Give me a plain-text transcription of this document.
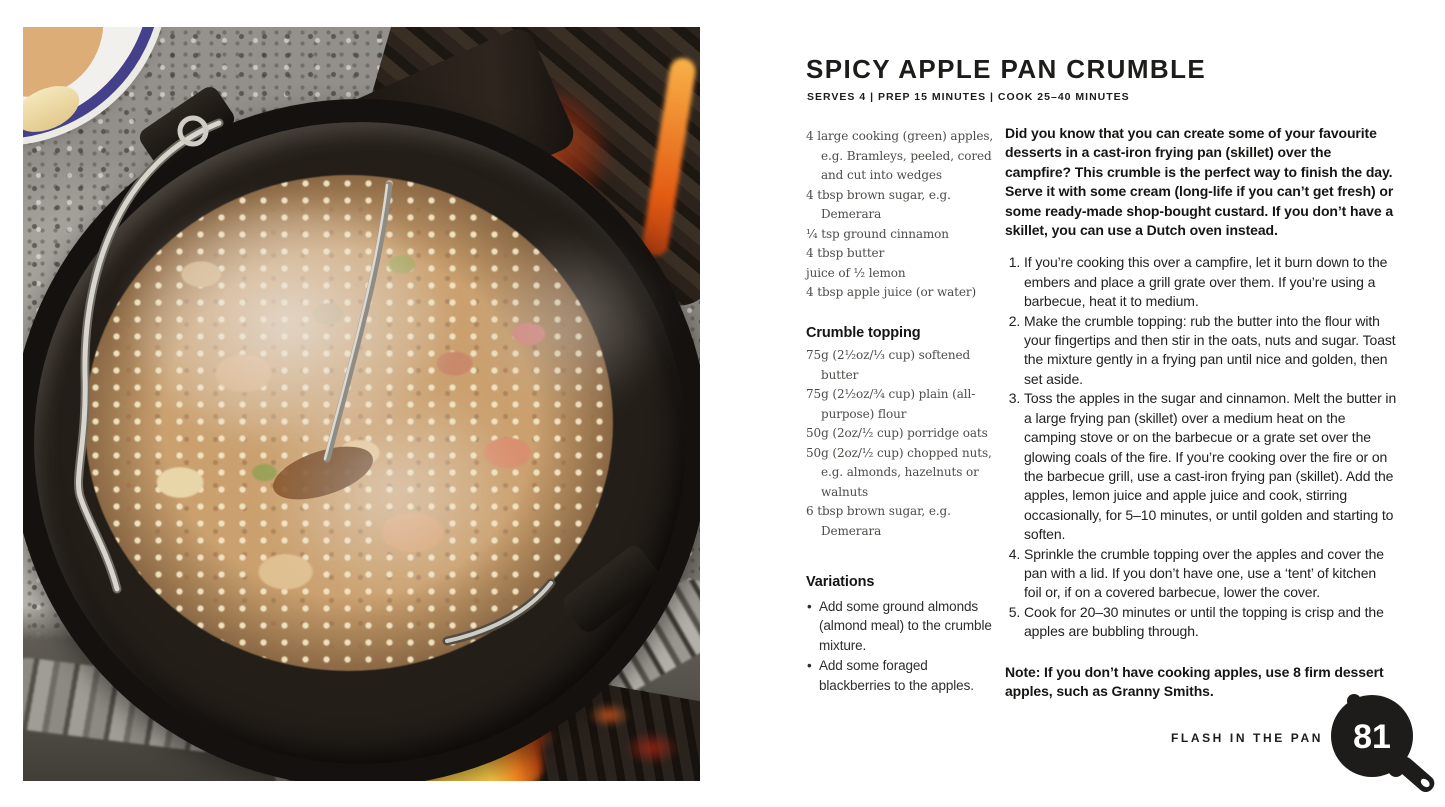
SPICY APPLE PAN CRUMBLE
SERVES 4 | PREP 15 MINUTES | COOK 25–40 MINUTES
4 large cooking (green) apples, e.g. Bramleys, peeled, cored and cut into wedges
4 tbsp brown sugar, e.g. Demerara
¼ tsp ground cinnamon
4 tbsp butter
juice of ½ lemon
4 tbsp apple juice (or water)
Crumble topping
75g (2½oz/⅓ cup) softened butter
75g (2½oz/¾ cup) plain (all-purpose) flour
50g (2oz/½ cup) porridge oats
50g (2oz/½ cup) chopped nuts, e.g. almonds, hazelnuts or walnuts
6 tbsp brown sugar, e.g. Demerara
Variations
• Add some ground almonds (almond meal) to the crumble mixture.
• Add some foraged blackberries to the apples.

Did you know that you can create some of your favourite desserts in a cast-iron frying pan (skillet) over the campfire? This crumble is the perfect way to finish the day. Serve it with some cream (long-life if you can’t get fresh) or some ready-made shop-bought custard. If you don’t have a skillet, you can use a Dutch oven instead.

1. If you’re cooking this over a campfire, let it burn down to the embers and place a grill grate over them. If you’re using a barbecue, heat it to medium.
2. Make the crumble topping: rub the butter into the flour with your fingertips and then stir in the oats, nuts and sugar. Toast the mixture gently in a frying pan until nice and golden, then set aside.
3. Toss the apples in the sugar and cinnamon. Melt the butter in a large frying pan (skillet) over a medium heat on the camping stove or on the barbecue or a grate set over the glowing coals of the fire. If you’re cooking over the fire or on the barbecue grill, use a cast-iron frying pan (skillet). Add the apples, lemon juice and apple juice and cook, stirring occasionally, for 5–10 minutes, or until golden and starting to soften.
4. Sprinkle the crumble topping over the apples and cover the pan with a lid. If you don’t have one, use a ‘tent’ of kitchen foil or, if on a covered barbecue, lower the cover.
5. Cook for 20–30 minutes or until the topping is crisp and the apples are bubbling through.

Note: If you don’t have cooking apples, use 8 firm dessert apples, such as Granny Smiths.

FLASH IN THE PAN 81
